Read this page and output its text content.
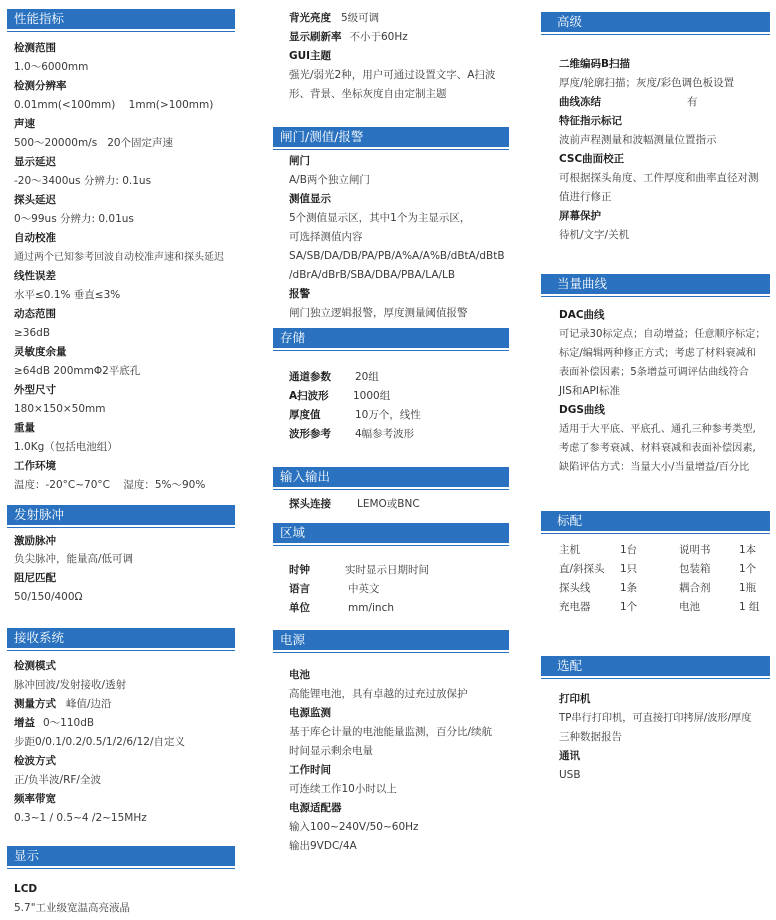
性能指标
检测范围
1.0～6000mm
检测分辨率
0.01mm(<100mm)    1mm(>100mm)
声速
500～20000m/s   20个固定声速
显示延迟
-20～3400us 分辨力: 0.1us
探头延迟
0～99us 分辨力: 0.01us
自动校准
通过两个已知参考回波自动校准声速和探头延迟
线性误差
水平≤0.1% 垂直≤3%
动态范围
≥36dB
灵敏度余量
≥64dB 200mmΦ2平底孔
外型尺寸
180×150×50mm
重量
1.0Kg（包括电池组）
工作环境
温度：-20°C~70°C    湿度：5%～90%
发射脉冲
激励脉冲
负尖脉冲，能量高/低可调
阻尼匹配
50/150/400Ω
接收系统
检测模式
脉冲回波/发射接收/透射
测量方式 峰值/边沿
增益 0～110dB
步距0/0.1/0.2/0.5/1/2/6/12/自定义
检波方式
正/负半波/RF/全波
频率带宽
0.3~1 / 0.5~4 /2~15MHz
显示
LCD
5.7"工业级宽温高亮液晶
背光亮度 5级可调
显示刷新率 不小于60Hz
GUI主题
强光/弱光2种，用户可通过设置文字、A扫波
形、背景、坐标灰度自由定制主题
闸门/测值/报警
闸门
A/B两个独立闸门
测值显示
5个测值显示区，其中1个为主显示区，
可选择测值内容
SA/SB/DA/DB/PA/PB/A%A/A%B/dBtA/dBtB
/dBrA/dBrB/SBA/DBA/PBA/LA/LB
报警
闸门独立逻辑报警，厚度测量阈值报警
存储
通道参数 20组
A扫波形 1000组
厚度值	10万个，线性
波形参考 4幅参考波形
输入输出
探头连接 LEMO或BNC
区域
时钟	实时显示日期时间
语言	中英文
单位	mm/inch
电源
电池
高能锂电池，具有卓越的过充过放保护
电源监测
基于库仑计量的电池能量监测，百分比/续航
时间显示剩余电量
工作时间
可连续工作10小时以上
电源适配器
输入100~240V/50~60Hz
输出9VDC/4A
高级
二维编码B扫描
厚度/轮廓扫描；灰度/彩色调色板设置
曲线冻结	有
特征指示标记
波前声程测量和波幅测量位置指示
CSC曲面校正
可根据探头角度、工件厚度和曲率直径对测
值进行修正
屏幕保护
待机/文字/关机
当量曲线
DAC曲线
可记录30标定点；自动增益；任意顺序标定；
标定/编辑两种修正方式；考虑了材料衰减和
表面补偿因素；5条增益可调评估曲线符合
JIS和API标准
DGS曲线
适用于大平底、平底孔、通孔三种参考类型,
考虑了参考衰减、材料衰减和表面补偿因素,
缺陷评估方式：当量大小/当量增益/百分比
标配
主机	1台	说明书	1本
直/斜探头 1只	包装箱	1个
探头线	1条	耦合剂	1瓶
充电器	1个	电池	1 组
选配
打印机
TP串行打印机，可直接打印拷屏/波形/厚度
三种数据报告
通讯
USB
